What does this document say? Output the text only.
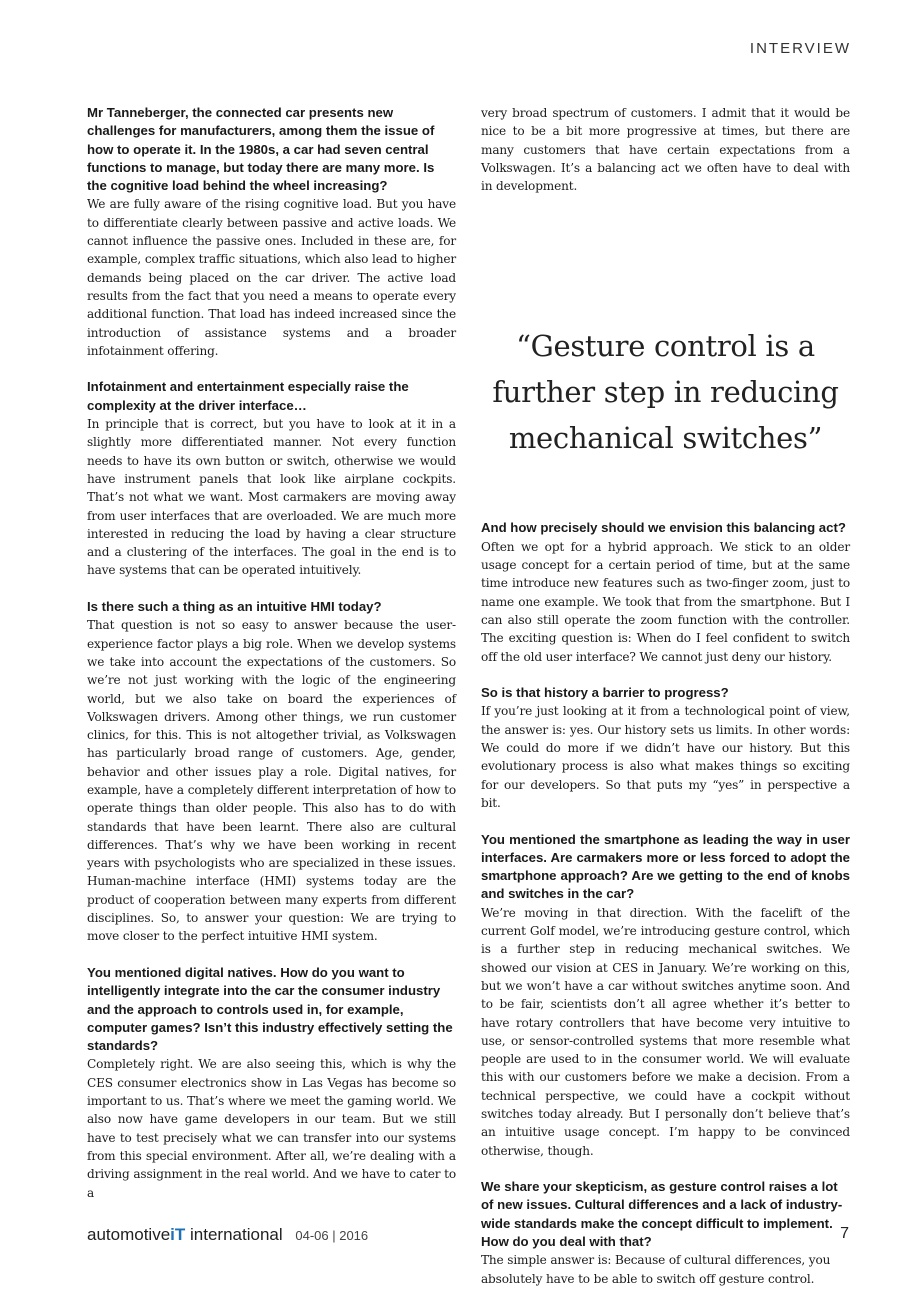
INTERVIEW

Mr Tanneberger, the connected car presents new challenges for manufacturers, among them the issue of how to operate it. In the 1980s, a car had seven central functions to manage, but today there are many more. Is the cognitive load behind the wheel increasing?

We are fully aware of the rising cognitive load. But you have to differentiate clearly between passive and active loads. We cannot influence the passive ones. Included in these are, for example, complex traffic situations, which also lead to higher demands being placed on the car driver. The active load results from the fact that you need a means to operate every additional function. That load has indeed increased since the introduction of assistance systems and a broader infotainment offering.

Infotainment and entertainment especially raise the complexity at the driver interface…

In principle that is correct, but you have to look at it in a slightly more differentiated manner. Not every function needs to have its own button or switch, otherwise we would have instrument panels that look like airplane cockpits. That’s not what we want. Most carmakers are moving away from user interfaces that are overloaded. We are much more interested in reducing the load by having a clear structure and a clustering of the interfaces. The goal in the end is to have systems that can be operated intuitively.

Is there such a thing as an intuitive HMI today?

That question is not so easy to answer because the user-experience factor plays a big role. When we develop systems we take into account the expectations of the customers. So we’re not just working with the logic of the engineering world, but we also take on board the experiences of Volkswagen drivers. Among other things, we run customer clinics, for this. This is not altogether trivial, as Volkswagen has particularly broad range of customers. Age, gender, behavior and other issues play a role. Digital natives, for example, have a completely different interpretation of how to operate things than older people. This also has to do with standards that have been learnt. There also are cultural differences. That’s why we have been working in recent years with psychologists who are specialized in these issues. Human-machine interface (HMI) systems today are the product of cooperation between many experts from different disciplines. So, to answer your question: We are trying to move closer to the perfect intuitive HMI system.

You mentioned digital natives. How do you want to intelligently integrate into the car the consumer industry and the approach to controls used in, for example, computer games? Isn’t this industry effectively setting the standards?

Completely right. We are also seeing this, which is why the CES consumer electronics show in Las Vegas has become so important to us. That’s where we meet the gaming world. We also now have game developers in our team. But we still have to test precisely what we can transfer into our systems from this special environment. After all, we’re dealing with a driving assignment in the real world. And we have to cater to a

very broad spectrum of customers. I admit that it would be nice to be a bit more progressive at times, but there are many customers that have certain expectations from a Volkswagen. It’s a balancing act we often have to deal with in development.

“Gesture control is a further step in reducing mechanical switches”

And how precisely should we envision this balancing act?

Often we opt for a hybrid approach. We stick to an older usage concept for a certain period of time, but at the same time introduce new features such as two-finger zoom, just to name one example. We took that from the smartphone. But I can also still operate the zoom function with the controller. The exciting question is: When do I feel confident to switch off the old user interface? We cannot just deny our history.

So is that history a barrier to progress?

If you’re just looking at it from a technological point of view, the answer is: yes. Our history sets us limits. In other words: We could do more if we didn’t have our history. But this evolutionary process is also what makes things so exciting for our developers. So that puts my “yes” in perspective a bit.

You mentioned the smartphone as leading the way in user interfaces. Are carmakers more or less forced to adopt the smartphone approach? Are we getting to the end of knobs and switches in the car?

We’re moving in that direction. With the facelift of the current Golf model, we’re introducing gesture control, which is a further step in reducing mechanical switches. We showed our vision at CES in January. We’re working on this, but we won’t have a car without switches anytime soon. And to be fair, scientists don’t all agree whether it’s better to have rotary controllers that have become very intuitive to use, or sensor-controlled systems that more resemble what people are used to in the consumer world. We will evaluate this with our customers before we make a decision. From a technical perspective, we could have a cockpit without switches today already. But I personally don’t believe that’s an intuitive usage concept. I’m happy to be convinced otherwise, though.

We share your skepticism, as gesture control raises a lot of new issues. Cultural differences and a lack of industry-wide standards make the concept difficult to implement. How do you deal with that?

The simple answer is: Because of cultural differences, you absolutely have to be able to switch off gesture control.

automotiveiT international 04-06 | 2016	7
